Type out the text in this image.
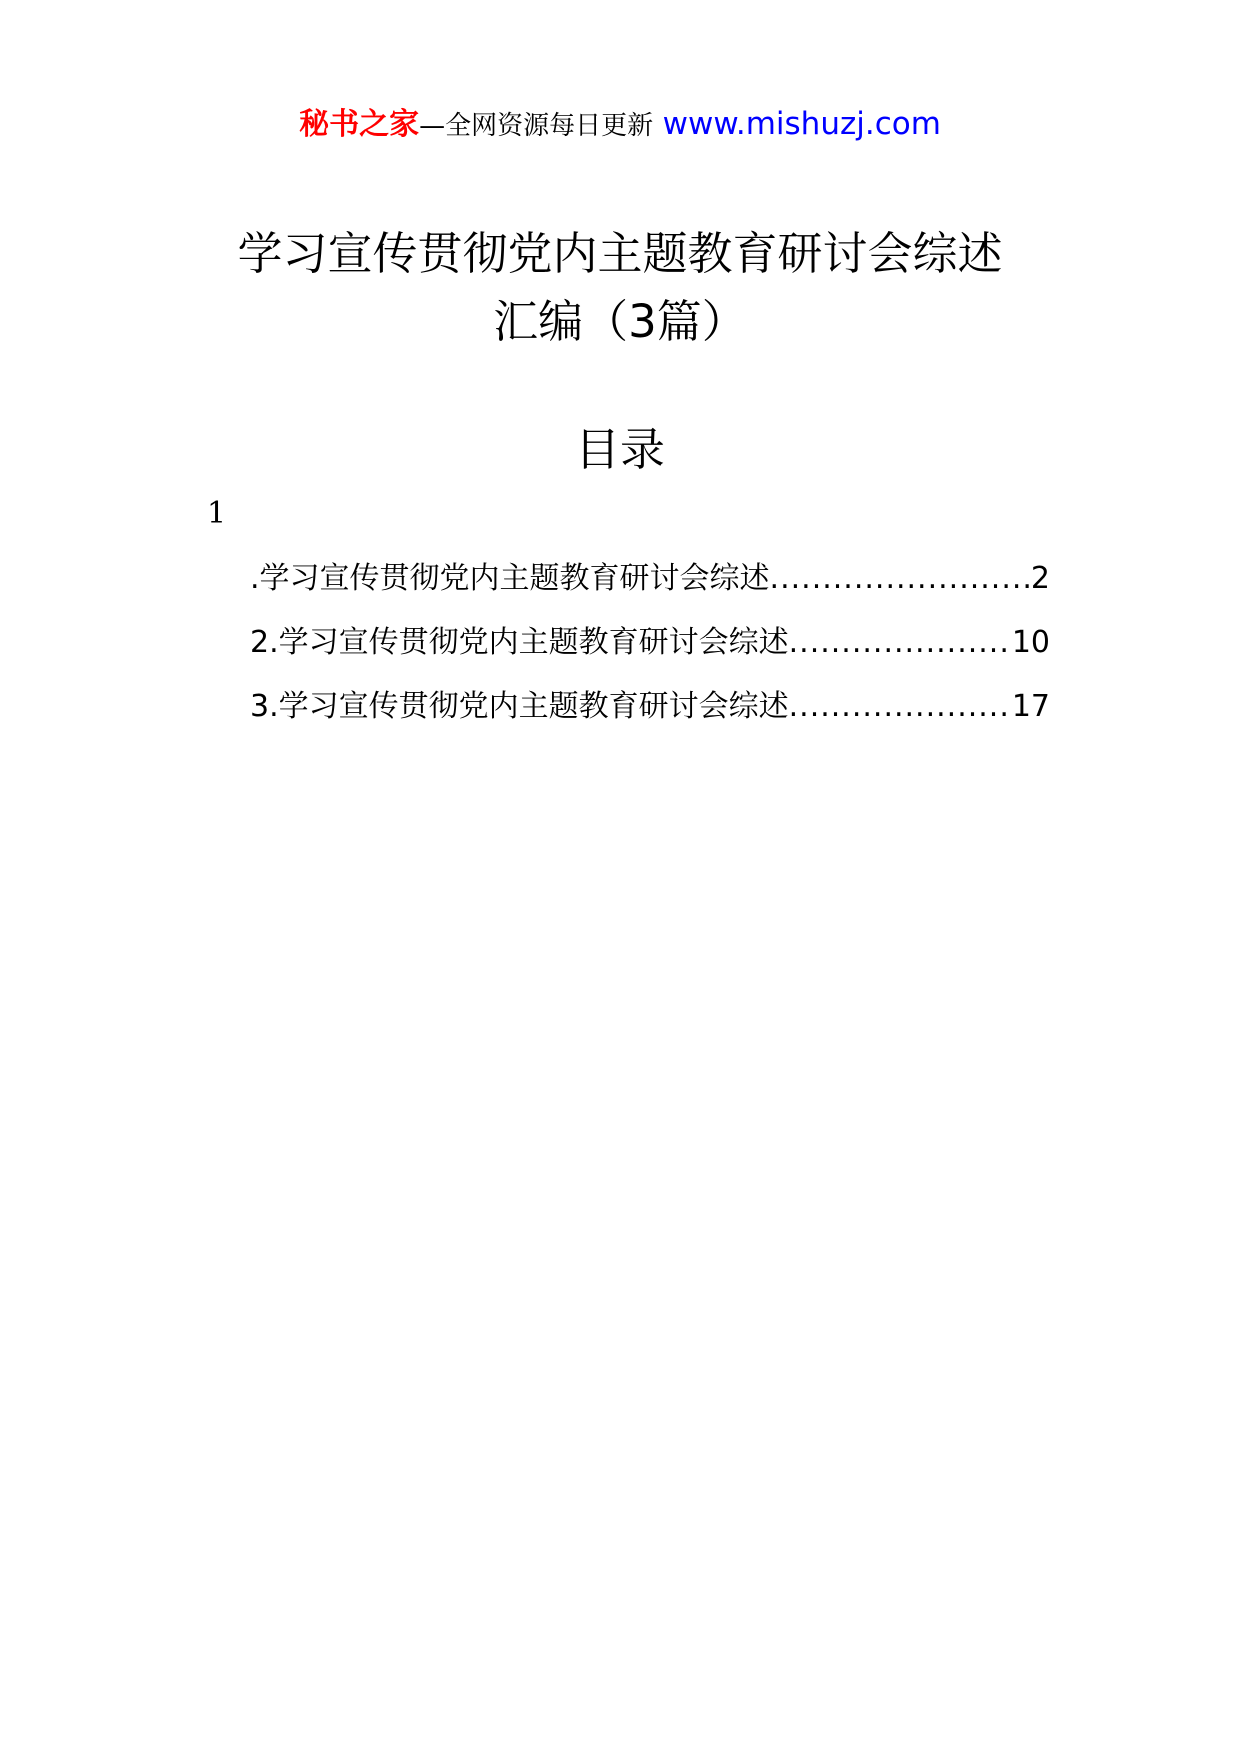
秘书之家—全网资源每日更新 www.mishuzj.com
学习宣传贯彻党内主题教育研讨会综述
汇编（3篇）
目录
1
.学习宣传贯彻党内主题教育研讨会综述 .....	2
2.学习宣传贯彻党内主题教育研讨会综述 .....	10
3.学习宣传贯彻党内主题教育研讨会综述 .....	17
